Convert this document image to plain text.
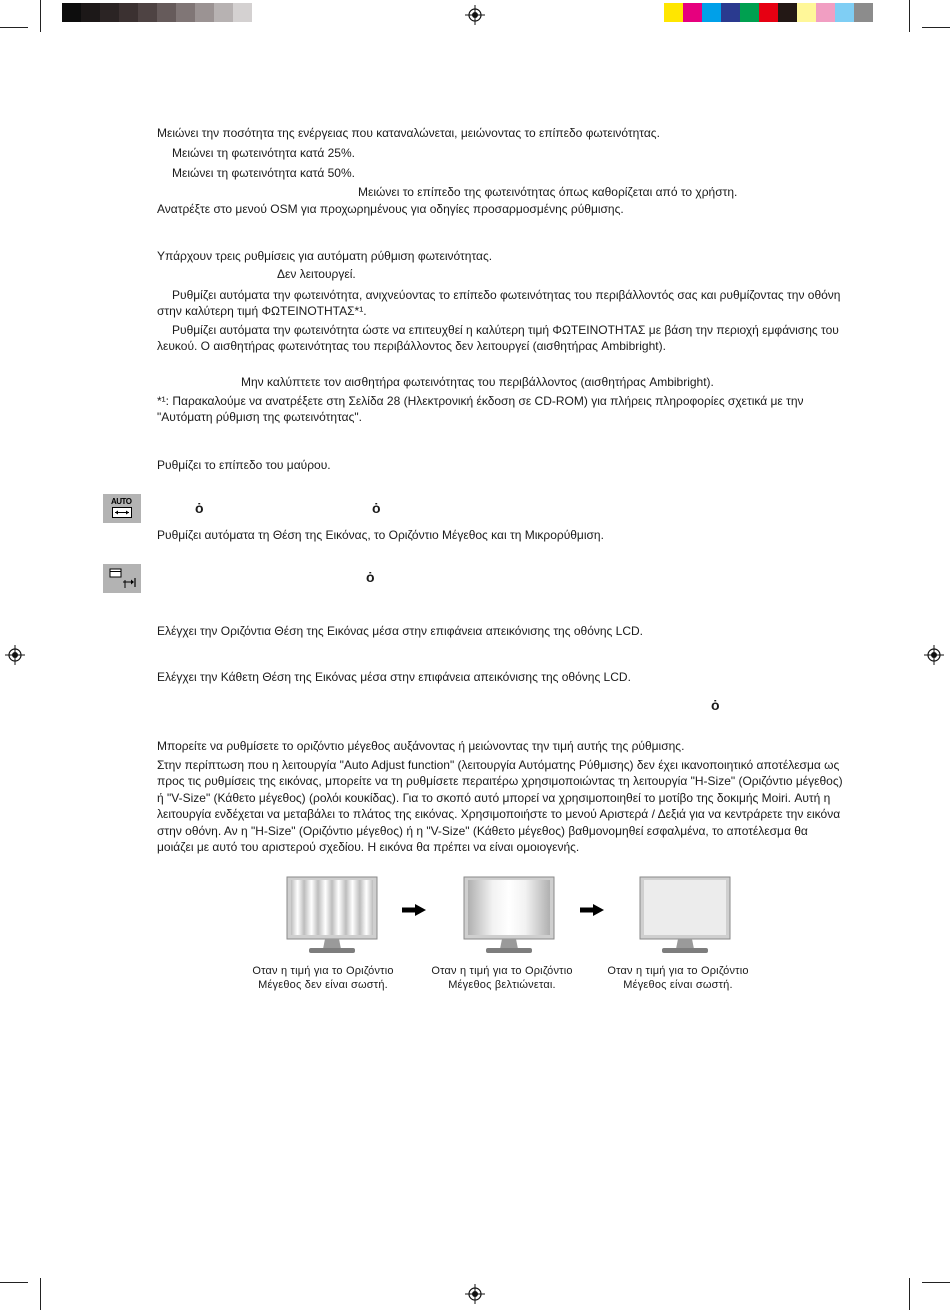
Μειώνει την ποσότητα της ενέργειας που καταναλώνεται, μειώνοντας το επίπεδο φωτεινότητας.

Μειώνει τη φωτεινότητα κατά 25%.

Μειώνει τη φωτεινότητα κατά 50%.

Μειώνει το επίπεδο της φωτεινότητας όπως καθορίζεται από το χρήστη.

Ανατρέξτε στο μενού OSM για προχωρημένους για οδηγίες προσαρμοσμένης ρύθμισης.

Υπάρχουν τρεις ρυθμίσεις για αυτόματη ρύθμιση φωτεινότητας.

Δεν λειτουργεί.

Ρυθμίζει αυτόματα την φωτεινότητα, ανιχνεύοντας το επίπεδο φωτεινότητας του περιβάλλοντός σας και ρυθμίζοντας την οθόνη στην καλύτερη τιμή ΦΩΤΕΙΝΟΤΗΤΑΣ*¹.

Ρυθμίζει αυτόματα την φωτεινότητα ώστε να επιτευχθεί η καλύτερη τιμή ΦΩΤΕΙΝΟΤΗΤΑΣ με βάση την περιοχή εμφάνισης του λευκού. Ο αισθητήρας φωτεινότητας του περιβάλλοντος δεν λειτουργεί (αισθητήρας Ambibright).

Μην καλύπτετε τον αισθητήρα φωτεινότητας του περιβάλλοντος (αισθητήρας Ambibright).

*¹: Παρακαλούμε να ανατρέξετε στη Σελίδα 28 (Ηλεκτρονική έκδοση σε CD-ROM) για πλήρεις πληροφορίες σχετικά με την "Αυτόματη ρύθμιση της φωτεινότητας".

Ρυθμίζει το επίπεδο του μαύρου.

AUTO	ȯ	ȯ

Ρυθμίζει αυτόματα τη Θέση της Εικόνας, το Οριζόντιο Μέγεθος και τη Μικρορύθμιση.

ȯ

Ελέγχει την Οριζόντια Θέση της Εικόνας μέσα στην επιφάνεια απεικόνισης της οθόνης LCD.

Ελέγχει την Κάθετη Θέση της Εικόνας μέσα στην επιφάνεια απεικόνισης της οθόνης LCD.

ȯ

Μπορείτε να ρυθμίσετε το οριζόντιο μέγεθος αυξάνοντας ή μειώνοντας την τιμή αυτής της ρύθμισης.

Στην περίπτωση που η λειτουργία "Auto Adjust function" (λειτουργία Αυτόματης Ρύθμισης) δεν έχει ικανοποιητικό αποτέλεσμα ως προς τις ρυθμίσεις της εικόνας, μπορείτε να τη ρυθμίσετε περαιτέρω χρησιμοποιώντας τη λειτουργία "H-Size" (Οριζόντιο μέγεθος) ή "V-Size" (Κάθετο μέγεθος) (ρολόι κουκίδας). Για το σκοπό αυτό μπορεί να χρησιμοποιηθεί το μοτίβο της δοκιμής Moiri. Αυτή η λειτουργία ενδέχεται να μεταβάλει το πλάτος της εικόνας. Χρησιμοποιήστε το μενού Αριστερά / Δεξιά για να κεντράρετε την εικόνα στην οθόνη. Αν η "H-Size" (Οριζόντιο μέγεθος) ή η "V-Size" (Κάθετο μέγεθος) βαθμονομηθεί εσφαλμένα, το αποτέλεσμα θα μοιάζει με αυτό του αριστερού σχεδίου. Η εικόνα θα πρέπει να είναι ομοιογενής.

Οταν η τιμή για το Οριζόντιο Μέγεθος δεν είναι σωστή.
Οταν η τιμή για το Οριζόντιο Μέγεθος βελτιώνεται.
Οταν η τιμή για το Οριζόντιο Μέγεθος είναι σωστή.
